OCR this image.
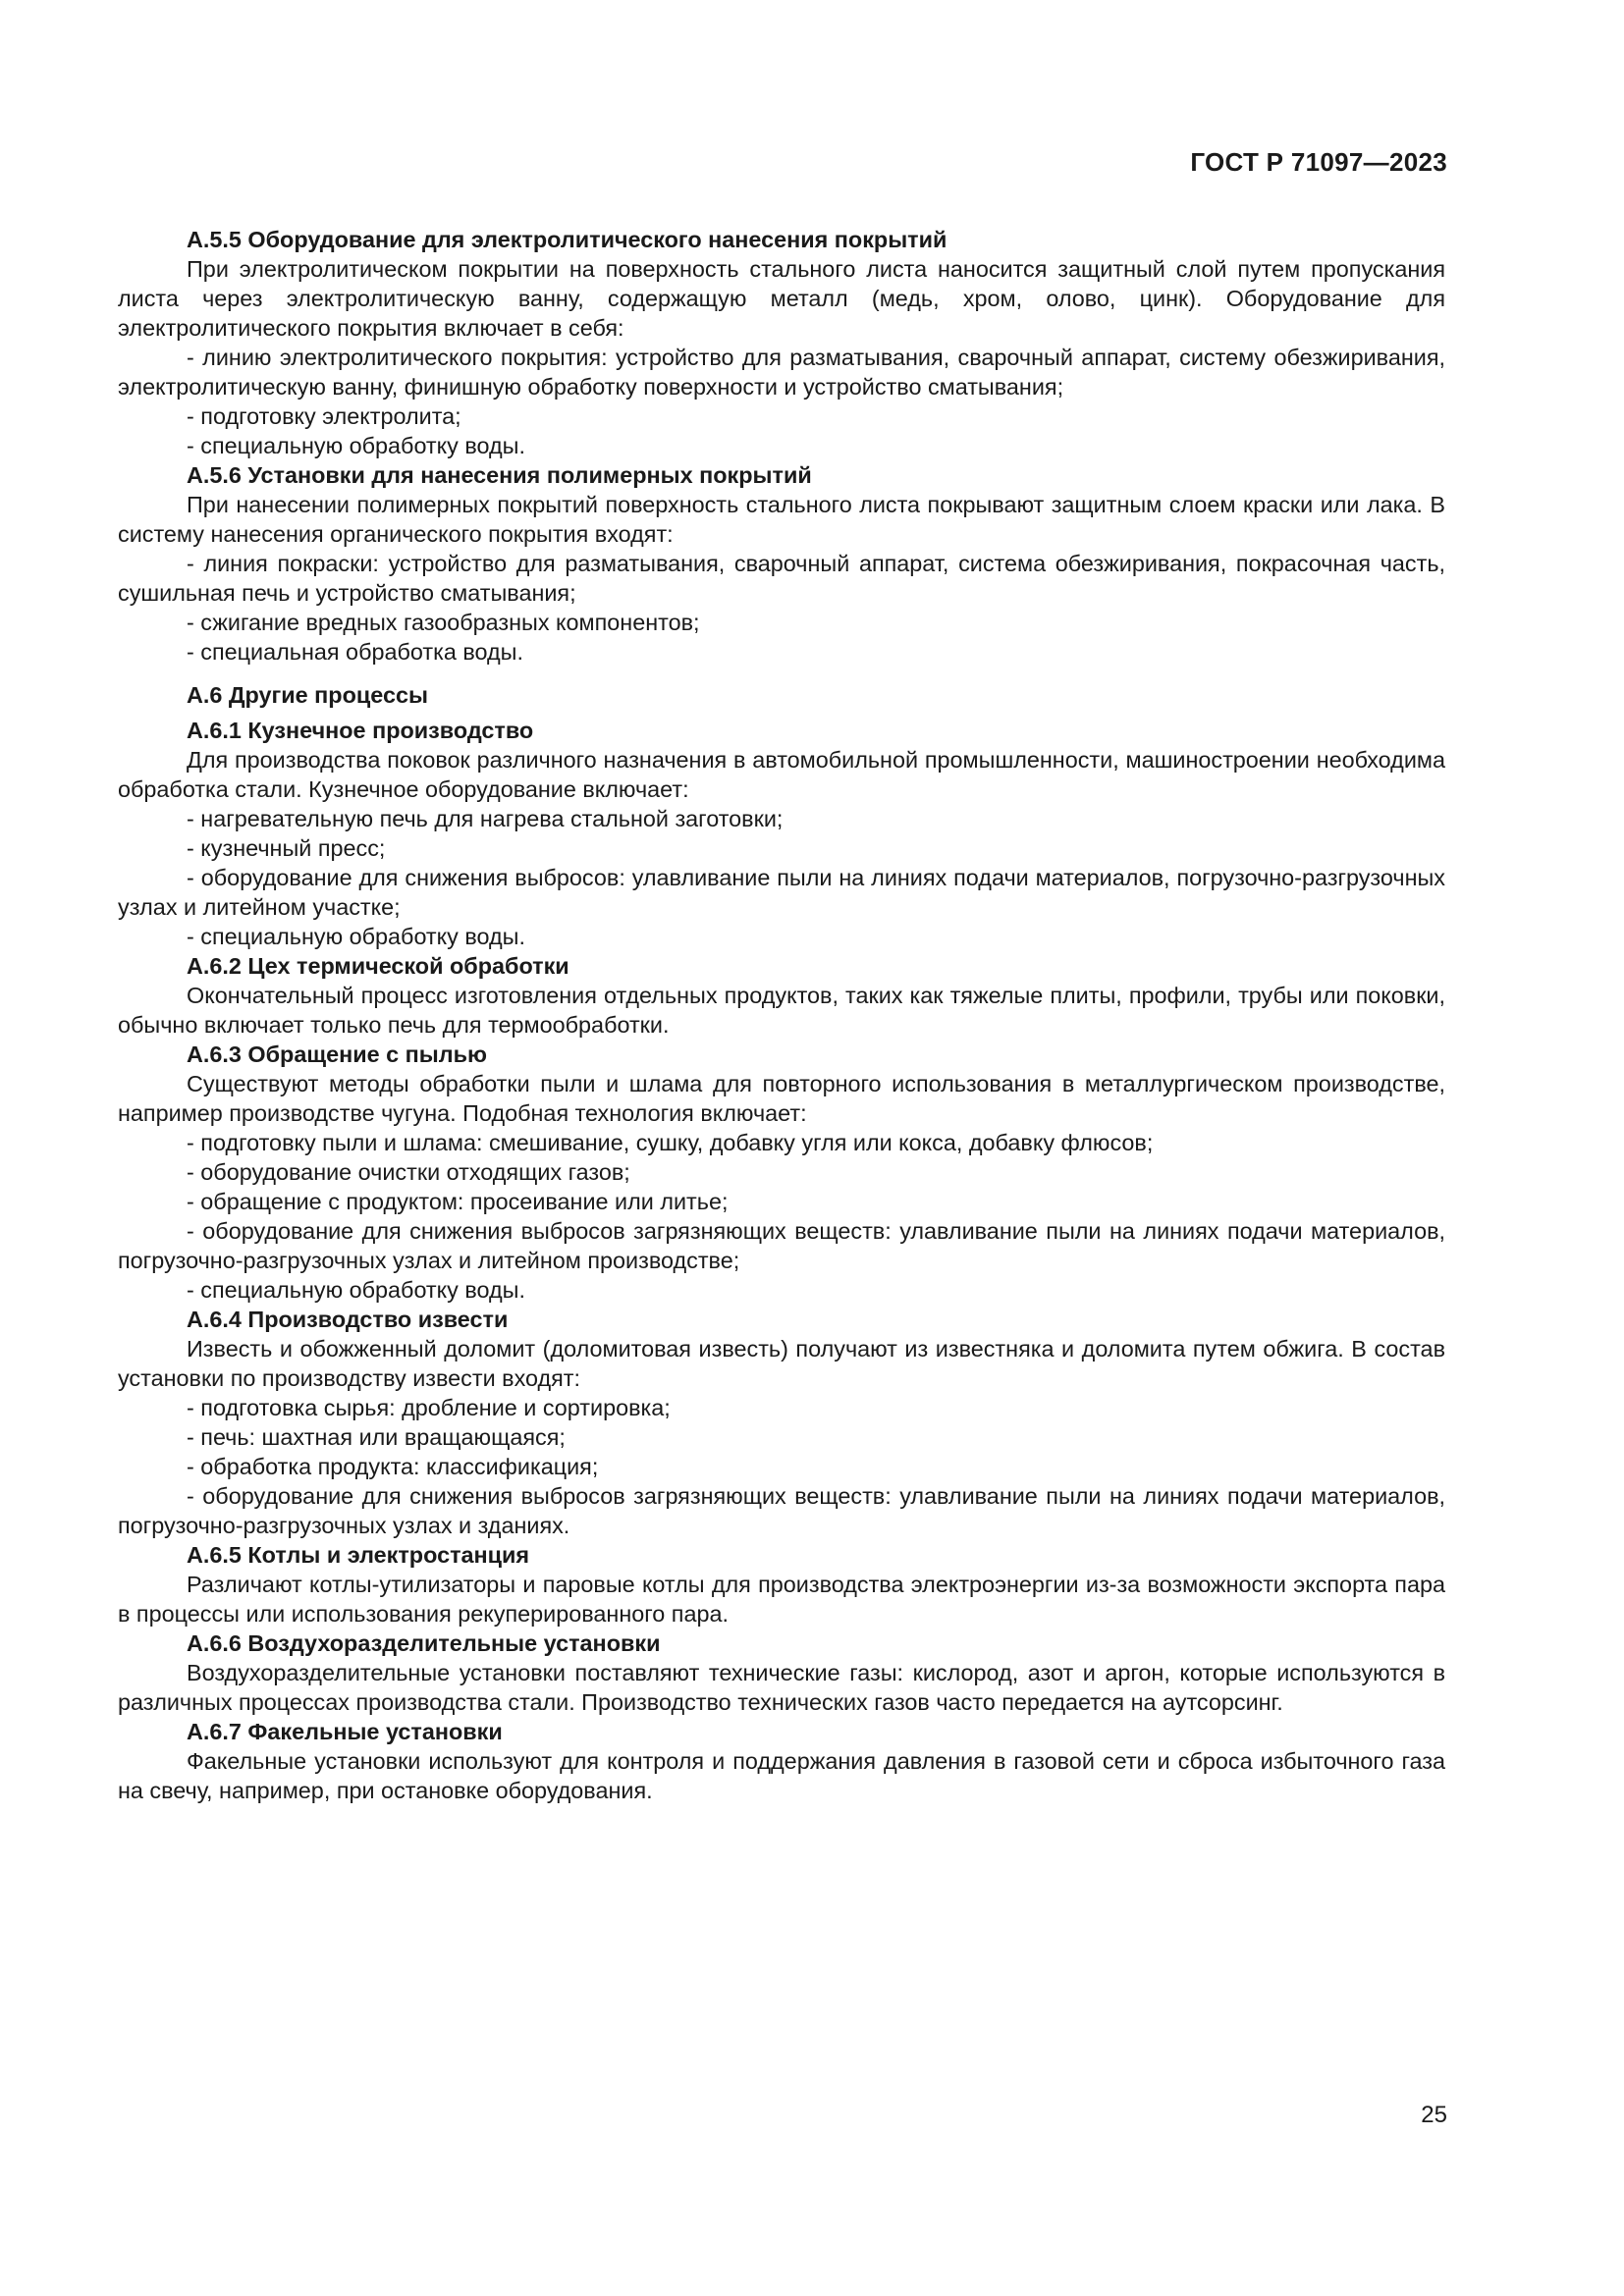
ГОСТ Р 71097—2023

А.5.5 Оборудование для электролитического нанесения покрытий

При электролитическом покрытии на поверхность стального листа наносится защитный слой путем пропускания листа через электролитическую ванну, содержащую металл (медь, хром, олово, цинк). Оборудование для электролитического покрытия включает в себя:

- линию электролитического покрытия: устройство для разматывания, сварочный аппарат, систему обезжиривания, электролитическую ванну, финишную обработку поверхности и устройство сматывания;

- подготовку электролита;

- специальную обработку воды.

А.5.6 Установки для нанесения полимерных покрытий

При нанесении полимерных покрытий поверхность стального листа покрывают защитным слоем краски или лака. В систему нанесения органического покрытия входят:

- линия покраски: устройство для разматывания, сварочный аппарат, система обезжиривания, покрасочная часть, сушильная печь и устройство сматывания;

- сжигание вредных газообразных компонентов;

- специальная обработка воды.

А.6 Другие процессы

А.6.1 Кузнечное производство

Для производства поковок различного назначения в автомобильной промышленности, машиностроении необходима обработка стали. Кузнечное оборудование включает:

- нагревательную печь для нагрева стальной заготовки;

- кузнечный пресс;

- оборудование для снижения выбросов: улавливание пыли на линиях подачи материалов, погрузочно-разгрузочных узлах и литейном участке;

- специальную обработку воды.

А.6.2 Цех термической обработки

Окончательный процесс изготовления отдельных продуктов, таких как тяжелые плиты, профили, трубы или поковки, обычно включает только печь для термообработки.

А.6.3 Обращение с пылью

Существуют методы обработки пыли и шлама для повторного использования в металлургическом производстве, например производстве чугуна. Подобная технология включает:

- подготовку пыли и шлама: смешивание, сушку, добавку угля или кокса, добавку флюсов;

- оборудование очистки отходящих газов;

- обращение с продуктом: просеивание или литье;

- оборудование для снижения выбросов загрязняющих веществ: улавливание пыли на линиях подачи материалов, погрузочно-разгрузочных узлах и литейном производстве;

- специальную обработку воды.

А.6.4 Производство извести

Известь и обожженный доломит (доломитовая известь) получают из известняка и доломита путем обжига. В состав установки по производству извести входят:

- подготовка сырья: дробление и сортировка;

- печь: шахтная или вращающаяся;

- обработка продукта: классификация;

- оборудование для снижения выбросов загрязняющих веществ: улавливание пыли на линиях подачи материалов, погрузочно-разгрузочных узлах и зданиях.

А.6.5 Котлы и электростанция

Различают котлы-утилизаторы и паровые котлы для производства электроэнергии из-за возможности экспорта пара в процессы или использования рекуперированного пара.

А.6.6 Воздухоразделительные установки

Воздухоразделительные установки поставляют технические газы: кислород, азот и аргон, которые используются в различных процессах производства стали. Производство технических газов часто передается на аутсорсинг.

А.6.7 Факельные установки

Факельные установки используют для контроля и поддержания давления в газовой сети и сброса избыточного газа на свечу, например, при остановке оборудования.

25
